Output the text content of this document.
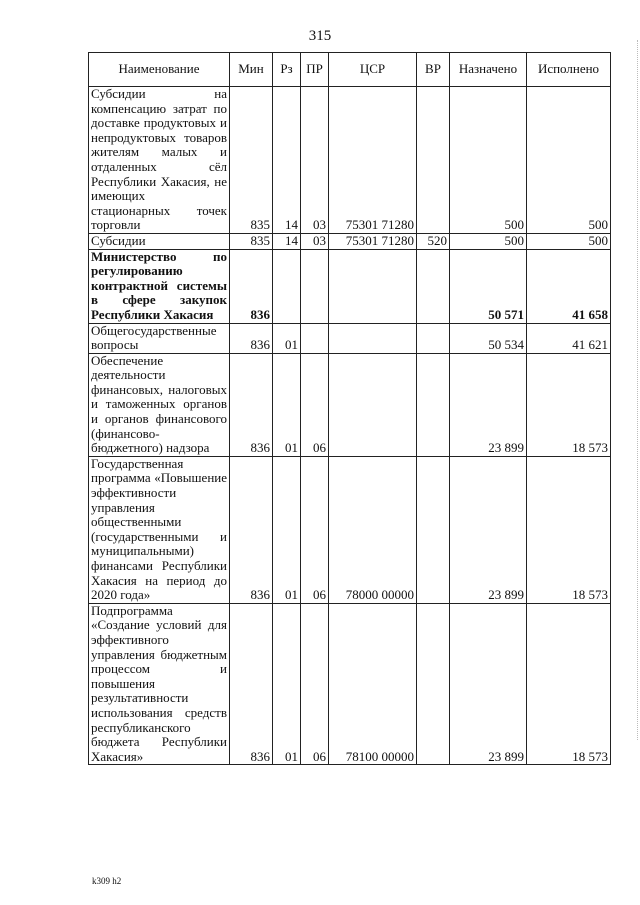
315
Наименование	Мин	Рз	ПР	ЦСР	ВР	Назначено	Исполнено
Субсидии на компенсацию затрат по доставке продуктовых и непродуктовых товаров жителям малых и отдаленных сёл Республики Хакасия, не имеющих стационарных точек торговли	835	14	03	75301 71280		500	500
Субсидии	835	14	03	75301 71280	520	500	500
Министерство по регулированию контрактной системы в сфере закупок Республики Хакасия	836					50 571	41 658
Общегосударственные вопросы	836	01				50 534	41 621
Обеспечение деятельности финансовых, налоговых и таможенных органов и органов финансового (финансово-бюджетного) надзора	836	01	06			23 899	18 573
Государственная программа «Повышение эффективности управления общественными (государственными и муниципальными) финансами Республики Хакасия на период до 2020 года»	836	01	06	78000 00000		23 899	18 573
Подпрограмма «Создание условий для эффективного управления бюджетным процессом и повышения результативности использования средств республиканского бюджета Республики Хакасия»	836	01	06	78100 00000		23 899	18 573
k309 h2
